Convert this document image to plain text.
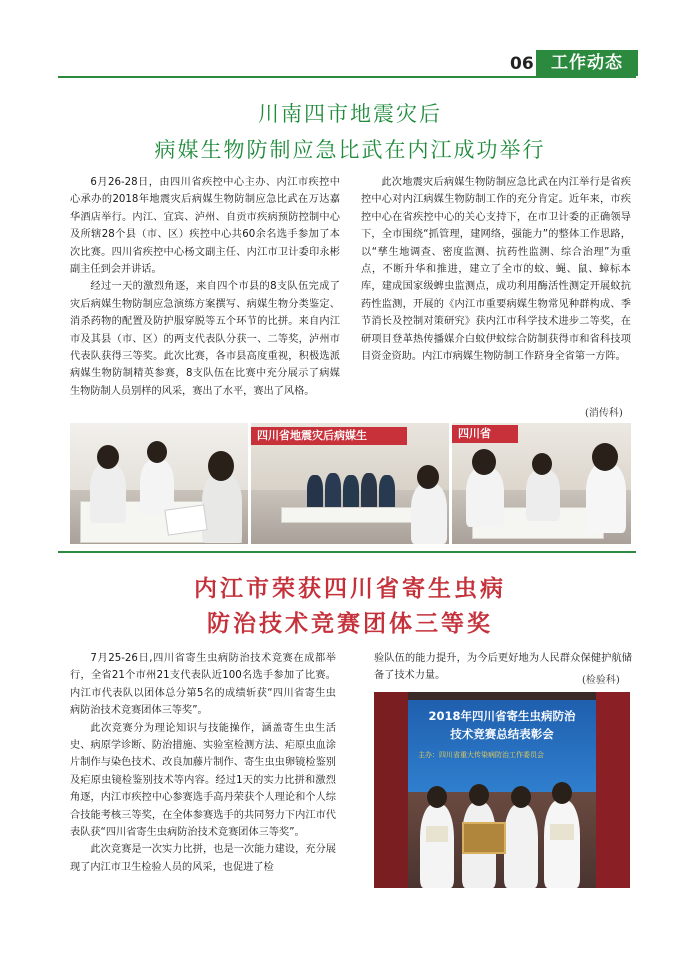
06	工作动态
川南四市地震灾后
病媒生物防制应急比武在内江成功举行

6月26-28日，由四川省疾控中心主办、内江市疾控中心承办的2018年地震灾后病媒生物防制应急比武在万达嘉华酒店举行。内江、宜宾、泸州、自贡市疾病预防控制中心及所辖28个县（市、区）疾控中心共60余名选手参加了本次比赛。四川省疾控中心杨文副主任、内江市卫计委印永彬副主任到会并讲话。

经过一天的激烈角逐，来自四个市县的8支队伍完成了灾后病媒生物防制应急演练方案撰写、病媒生物分类鉴定、消杀药物的配置及防护服穿脱等五个环节的比拼。来自内江市及其县（市、区）的两支代表队分获一、二等奖，泸州市代表队获得三等奖。此次比赛，各市县高度重视，积极选派病媒生物防制精英参赛，8支队伍在比赛中充分展示了病媒生物防制人员别样的风采，赛出了水平，赛出了风格。

此次地震灾后病媒生物防制应急比武在内江举行是省疾控中心对内江病媒生物防制工作的充分肯定。近年来，市疾控中心在省疾控中心的关心支持下，在市卫计委的正确领导下，全市围绕“抓管理，建网络，强能力”的整体工作思路，以“孳生地调查、密度监测、抗药性监测、综合治理”为重点，不断升华和推进，建立了全市的蚊、蝇、鼠、蟑标本库，建成国家级蜱虫监测点，成功利用酶活性测定开展蚊抗药性监测，开展的《内江市重要病媒生物常见种群构成、季节消长及控制对策研究》获内江市科学技术进步二等奖，在研项目登革热传播媒介白蚊伊蚊综合防制获得市和省科技项目资金资助。内江市病媒生物防制工作跻身全省第一方阵。

(消传科)
四川省地震灾后病媒生	四川省
内江市荣获四川省寄生虫病
防治技术竞赛团体三等奖

7月25-26日,四川省寄生虫病防治技术竞赛在成都举行，全省21个市州21支代表队近100名选手参加了比赛。内江市代表队以团体总分第5名的成绩斩获“四川省寄生虫病防治技术竞赛团体三等奖”。

此次竞赛分为理论知识与技能操作，涵盖寄生虫生活史、病原学诊断、防治措施、实验室检测方法、疟原虫血涂片制作与染色技术、改良加藤片制作、寄生虫虫卵镜检鉴别及疟原虫镜检鉴别技术等内容。经过1天的实力比拼和激烈角逐，内江市疾控中心参赛选手高丹荣获个人理论和个人综合技能考核三等奖，在全体参赛选手的共同努力下内江市代表队获“四川省寄生虫病防治技术竞赛团体三等奖”。

此次竞赛是一次实力比拼，也是一次能力建设，充分展现了内江市卫生检验人员的风采，也促进了检

验队伍的能力提升，为今后更好地为人民群众保健护航储备了技术力量。	(检验科)
2018年四川省寄生虫病防治
技术竞赛总结表彰会
主办：四川省重大传染病防治工作委员会
